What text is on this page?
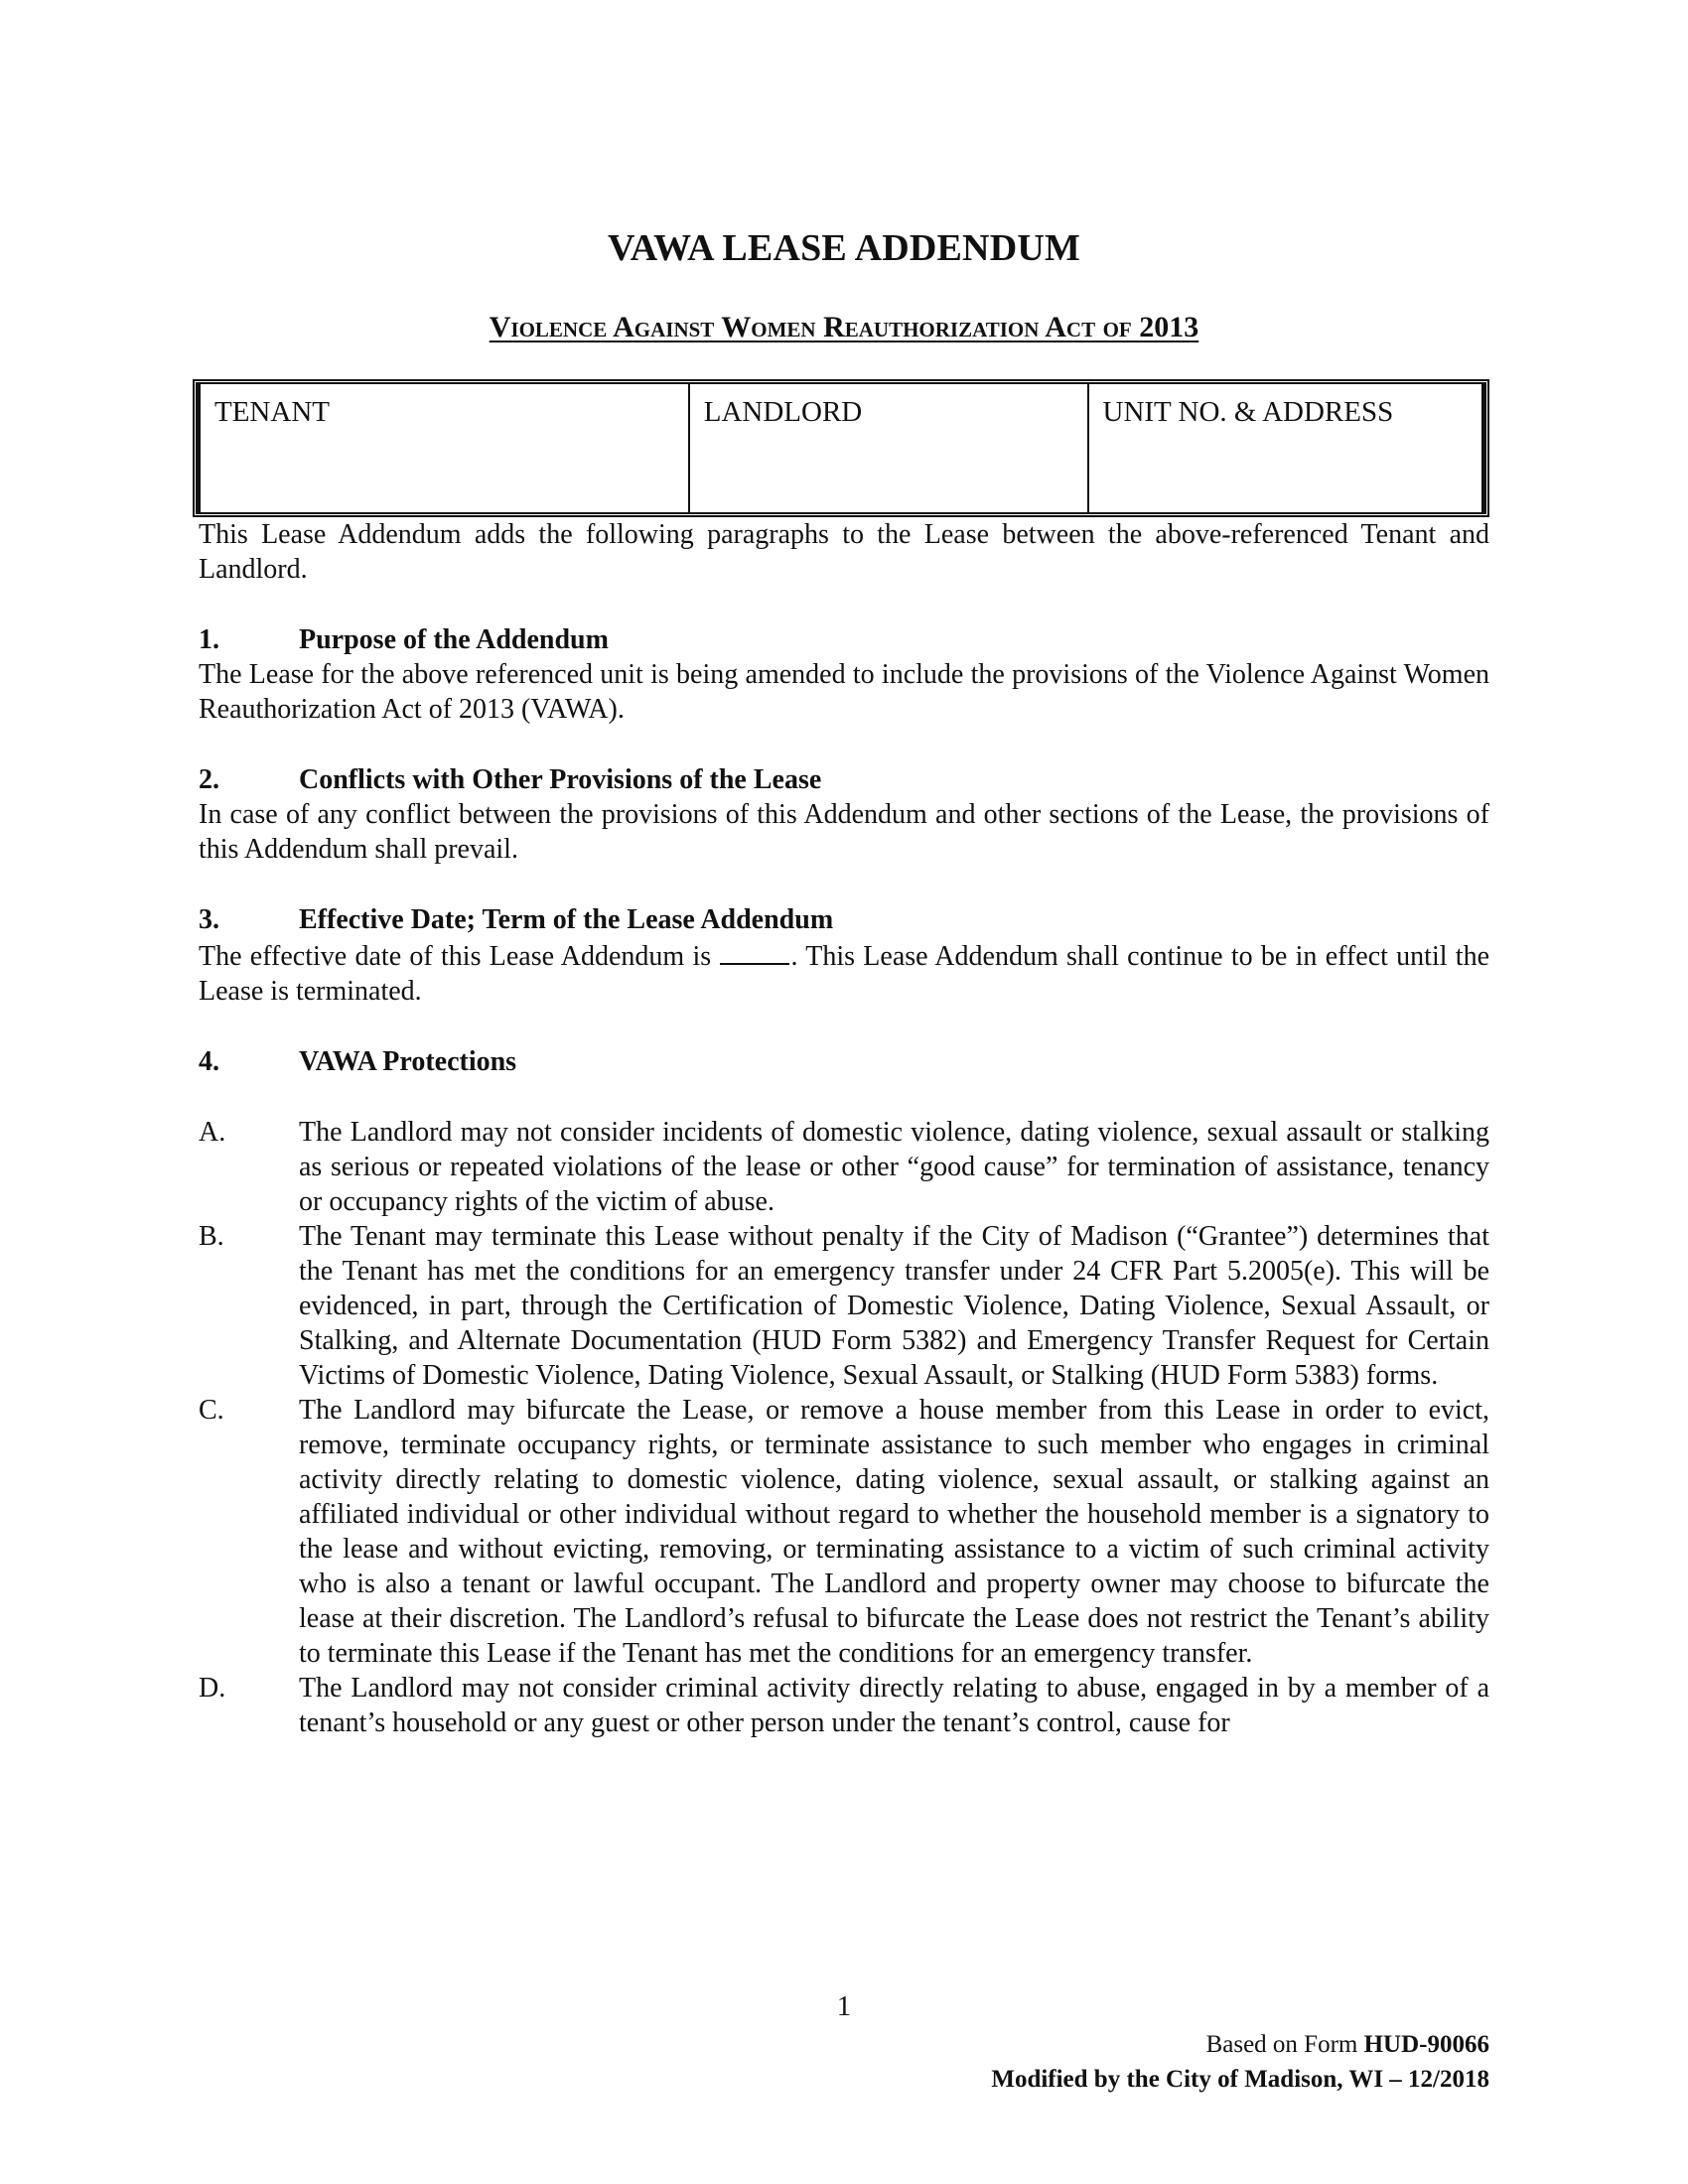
VAWA LEASE ADDENDUM
Violence Against Women Reauthorization Act of 2013
TENANT	LANDLORD	UNIT NO. & ADDRESS

This Lease Addendum adds the following paragraphs to the Lease between the above-referenced Tenant and Landlord.

1.	Purpose of the Addendum

The Lease for the above referenced unit is being amended to include the provisions of the Violence Against Women Reauthorization Act of 2013 (VAWA).

2.	Conflicts with Other Provisions of the Lease

In case of any conflict between the provisions of this Addendum and other sections of the Lease, the provisions of this Addendum shall prevail.

3.	Effective Date; Term of the Lease Addendum

The effective date of this Lease Addendum is	. This Lease Addendum shall continue to be in effect until the Lease is terminated.

4.	VAWA Protections
A.	The Landlord may not consider incidents of domestic violence, dating violence, sexual assault or stalking as serious or repeated violations of the lease or other “good cause” for termination of assistance, tenancy or occupancy rights of the victim of abuse.
B.	The Tenant may terminate this Lease without penalty if the City of Madison (“Grantee”) determines that the Tenant has met the conditions for an emergency transfer under 24 CFR Part 5.2005(e). This will be evidenced, in part, through the Certification of Domestic Violence, Dating Violence, Sexual Assault, or Stalking, and Alternate Documentation (HUD Form 5382) and Emergency Transfer Request for Certain Victims of Domestic Violence, Dating Violence, Sexual Assault, or Stalking (HUD Form 5383) forms.
C.	The Landlord may bifurcate the Lease, or remove a house member from this Lease in order to evict, remove, terminate occupancy rights, or terminate assistance to such member who engages in criminal activity directly relating to domestic violence, dating violence, sexual assault, or stalking against an affiliated individual or other individual without regard to whether the household member is a signatory to the lease and without evicting, removing, or terminating assistance to a victim of such criminal activity who is also a tenant or lawful occupant. The Landlord and property owner may choose to bifurcate the lease at their discretion. The Landlord’s refusal to bifurcate the Lease does not restrict the Tenant’s ability to terminate this Lease if the Tenant has met the conditions for an emergency transfer.
D.	The Landlord may not consider criminal activity directly relating to abuse, engaged in by a member of a tenant’s household or any guest or other person under the tenant’s control, cause for
1
Based on Form HUD-90066
Modified by the City of Madison, WI – 12/2018
